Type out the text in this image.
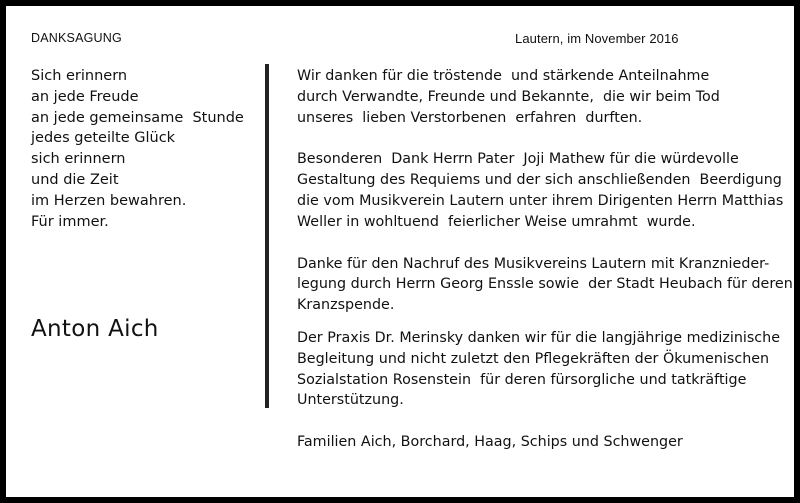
DANKSAGUNG	Lautern, im November 2016
Sich erinnern
an jede Freude
an jede gemeinsame  Stunde
jedes geteilte Glück
sich erinnern
und die Zeit
im Herzen bewahren.
Für immer.
Anton Aich
Wir danken für die tröstende  und stärkende Anteilnahme
durch Verwandte, Freunde und Bekannte,  die wir beim Tod
unseres  lieben Verstorbenen  erfahren  durften.
Besonderen  Dank Herrn Pater  Joji Mathew für die würdevolle
Gestaltung des Requiems und der sich anschließenden  Beerdigung
die vom Musikverein Lautern unter ihrem Dirigenten Herrn Matthias
Weller in wohltuend  feierlicher Weise umrahmt  wurde.
Danke für den Nachruf des Musikvereins Lautern mit Kranznieder-
legung durch Herrn Georg Enssle sowie  der Stadt Heubach für deren
Kranzspende.
Der Praxis Dr. Merinsky danken wir für die langjährige medizinische
Begleitung und nicht zuletzt den Pflegekräften der Ökumenischen
Sozialstation Rosenstein  für deren fürsorgliche und tatkräftige
Unterstützung.
Familien Aich, Borchard, Haag, Schips und Schwenger
